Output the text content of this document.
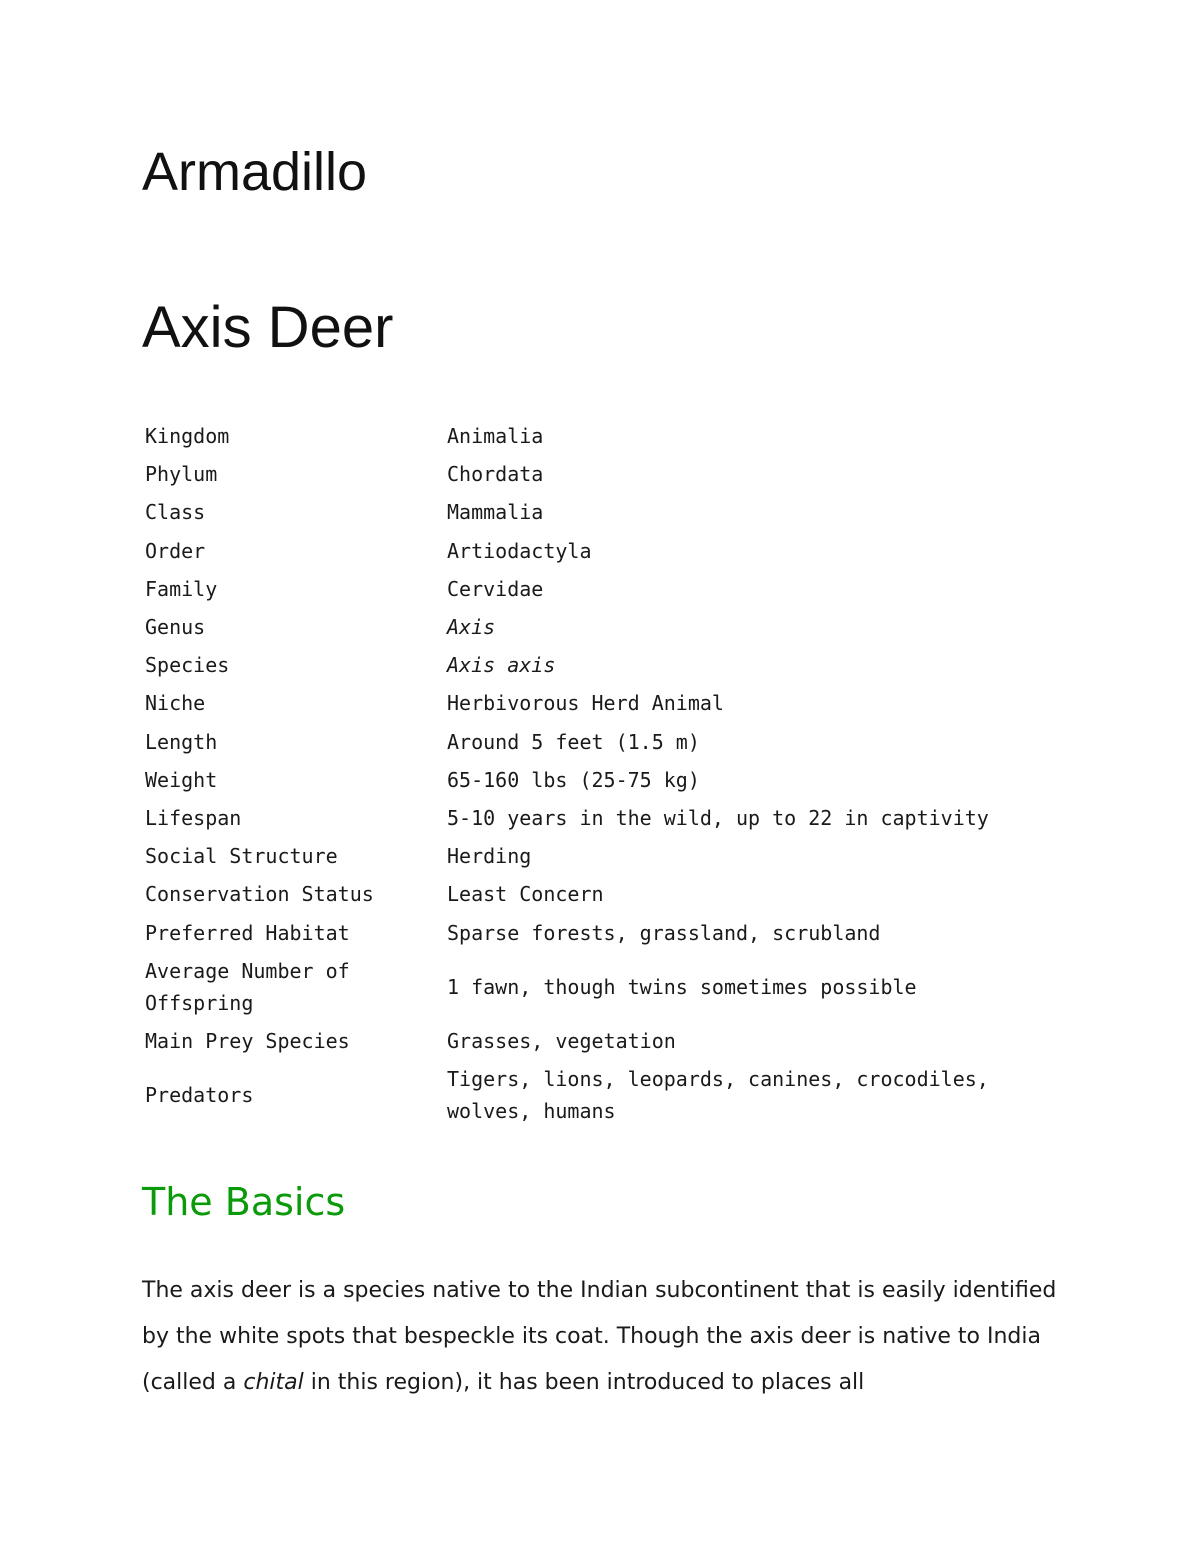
Armadillo
Axis Deer
Kingdom	Animalia
Phylum	Chordata
Class	Mammalia
Order	Artiodactyla
Family	Cervidae
Genus	Axis
Species	Axis axis
Niche	Herbivorous Herd Animal
Length	Around 5 feet (1.5 m)
Weight	65-160 lbs (25-75 kg)
Lifespan	5-10 years in the wild, up to 22 in captivity
Social Structure	Herding
Conservation Status	Least Concern
Preferred Habitat	Sparse forests, grassland, scrubland
Average Number of Offspring	1 fawn, though twins sometimes possible
Main Prey Species	Grasses, vegetation
Predators	Tigers, lions, leopards, canines, crocodiles, wolves, humans
The Basics

The axis deer is a species native to the Indian subcontinent that is easily identified by the white spots that bespeckle its coat. Though the axis deer is native to India (called a chital in this region), it has been introduced to places all
